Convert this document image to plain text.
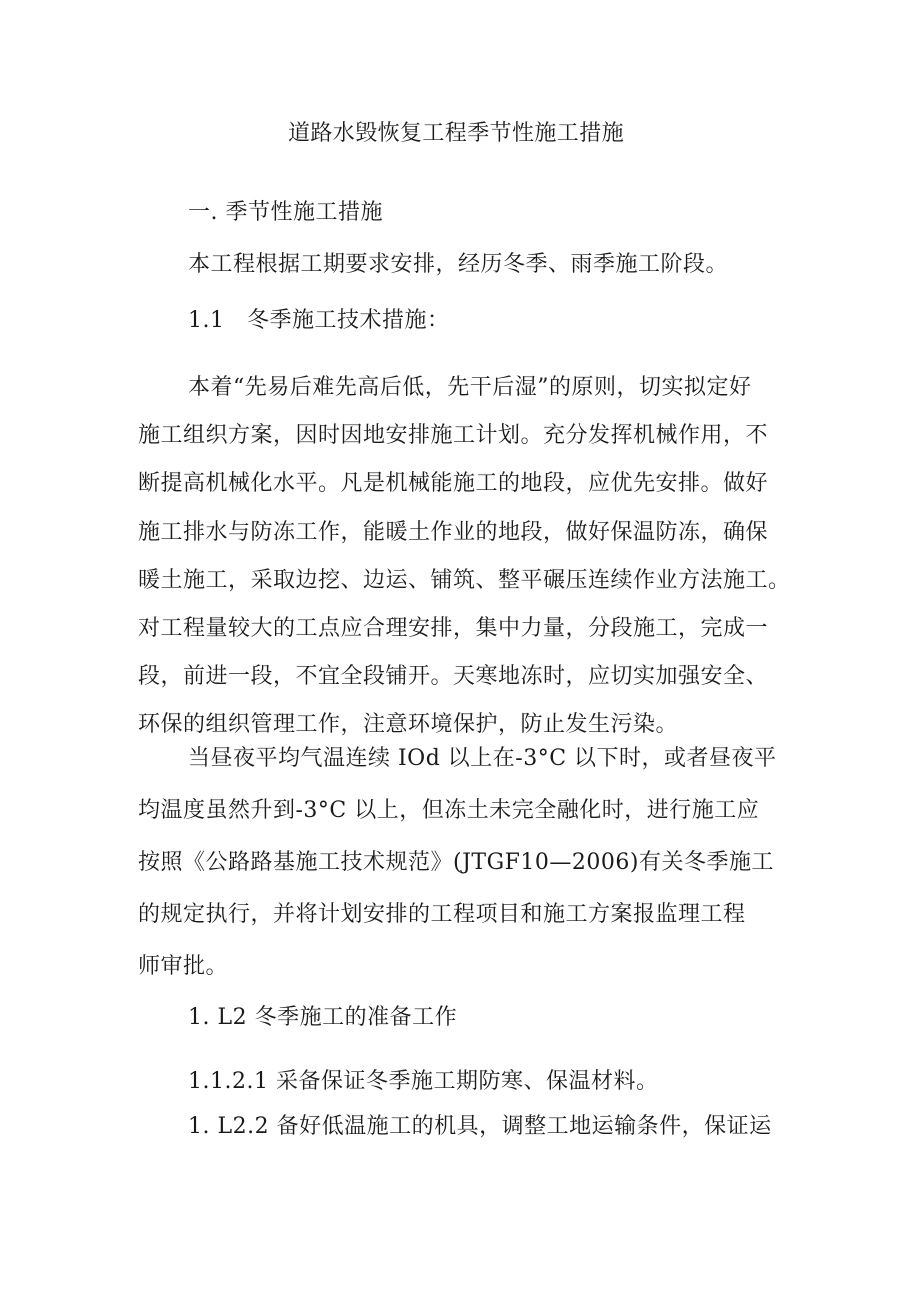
道路水毁恢复工程季节性施工措施
一. 季节性施工措施
本工程根据工期要求安排，经历冬季、雨季施工阶段。
1.1　冬季施工技术措施：
本着“先易后难先高后低，先干后湿”的原则，切实拟定好
施工组织方案，因时因地安排施工计划。充分发挥机械作用，不
断提高机械化水平。凡是机械能施工的地段，应优先安排。做好
施工排水与防冻工作，能暖土作业的地段，做好保温防冻，确保
暖土施工，采取边挖、边运、铺筑、整平碾压连续作业方法施工。
对工程量较大的工点应合理安排，集中力量，分段施工，完成一
段，前进一段，不宜全段铺开。天寒地冻时，应切实加强安全、
环保的组织管理工作，注意环境保护，防止发生污染。
当昼夜平均气温连续 IOd 以上在-3°C 以下时，或者昼夜平
均温度虽然升到-3°C 以上，但冻土未完全融化时，进行施工应
按照《公路路基施工技术规范》(JTGF10—2006)有关冬季施工
的规定执行，并将计划安排的工程项目和施工方案报监理工程
师审批。
1. L2 冬季施工的准备工作
1.1.2.1 采备保证冬季施工期防寒、保温材料。
1. L2.2 备好低温施工的机具，调整工地运输条件，保证运
